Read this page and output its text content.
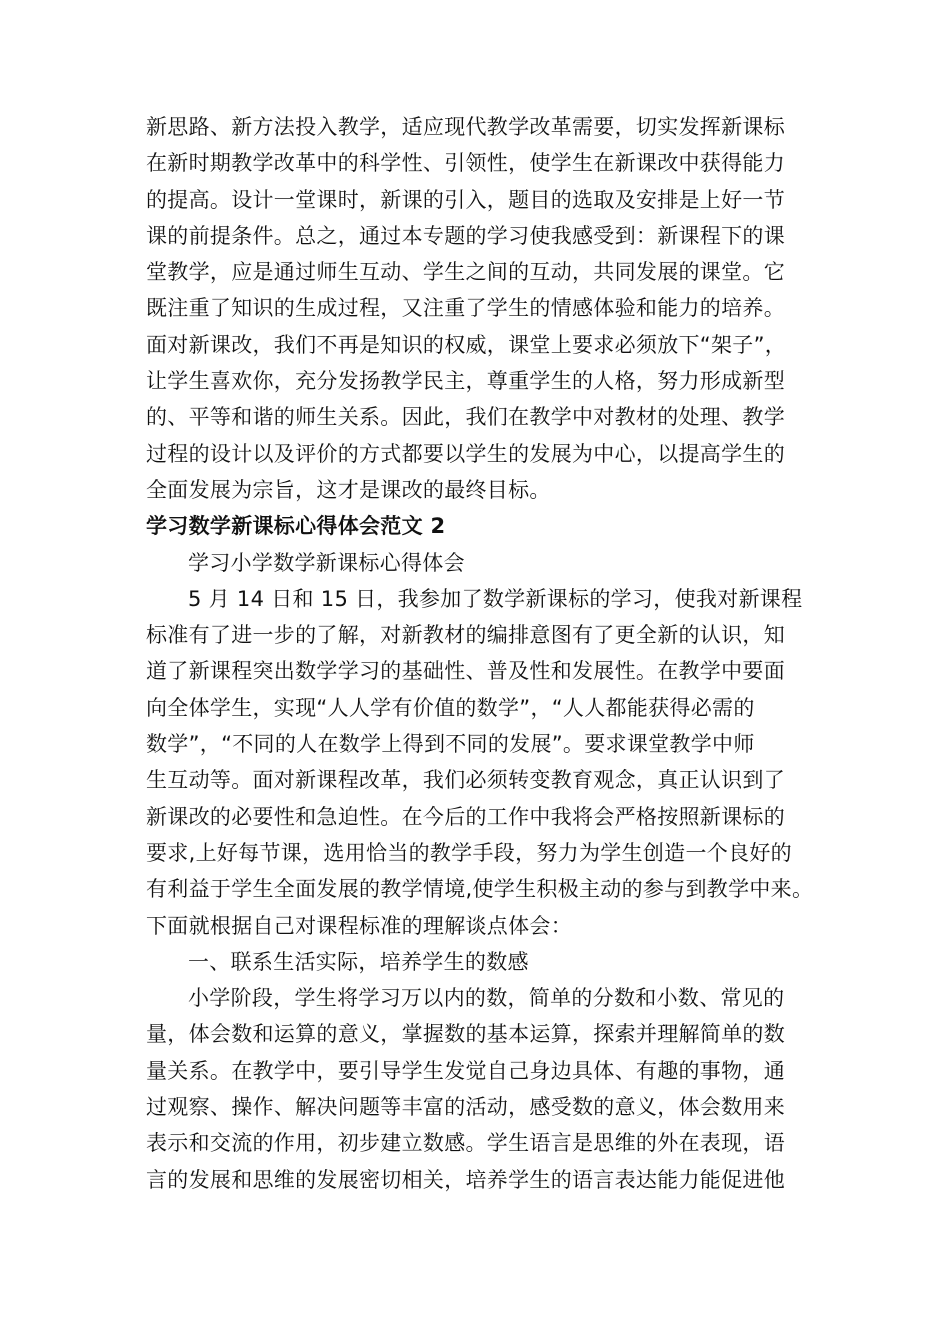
新思路、新方法投入教学，适应现代教学改革需要，切实发挥新课标
在新时期教学改革中的科学性、引领性，使学生在新课改中获得能力
的提高。设计一堂课时，新课的引入，题目的选取及安排是上好一节
课的前提条件。总之，通过本专题的学习使我感受到：新课程下的课
堂教学，应是通过师生互动、学生之间的互动，共同发展的课堂。它
既注重了知识的生成过程，又注重了学生的情感体验和能力的培养。
面对新课改，我们不再是知识的权威，课堂上要求必须放下“架子”，
让学生喜欢你，充分发扬教学民主，尊重学生的人格，努力形成新型
的、平等和谐的师生关系。因此，我们在教学中对教材的处理、教学
过程的设计以及评价的方式都要以学生的发展为中心，以提高学生的
全面发展为宗旨，这才是课改的最终目标。
学习数学新课标心得体会范文 2
学习小学数学新课标心得体会
5 月 14 日和 15 日，我参加了数学新课标的学习，使我对新课程
标准有了进一步的了解，对新教材的编排意图有了更全新的认识，知
道了新课程突出数学学习的基础性、普及性和发展性。在教学中要面
向全体学生，实现“人人学有价值的数学”，“人人都能获得必需的
数学”，“不同的人在数学上得到不同的发展”。要求课堂教学中师
生互动等。面对新课程改革，我们必须转变教育观念，真正认识到了
新课改的必要性和急迫性。在今后的工作中我将会严格按照新课标的
要求,上好每节课，选用恰当的教学手段，努力为学生创造一个良好的
有利益于学生全面发展的教学情境,使学生积极主动的参与到教学中来。
下面就根据自己对课程标准的理解谈点体会：
一、联系生活实际，培养学生的数感
小学阶段，学生将学习万以内的数，简单的分数和小数、常见的
量，体会数和运算的意义，掌握数的基本运算，探索并理解简单的数
量关系。在教学中，要引导学生发觉自己身边具体、有趣的事物，通
过观察、操作、解决问题等丰富的活动，感受数的意义，体会数用来
表示和交流的作用，初步建立数感。学生语言是思维的外在表现，语
言的发展和思维的发展密切相关，培养学生的语言表达能力能促进他
